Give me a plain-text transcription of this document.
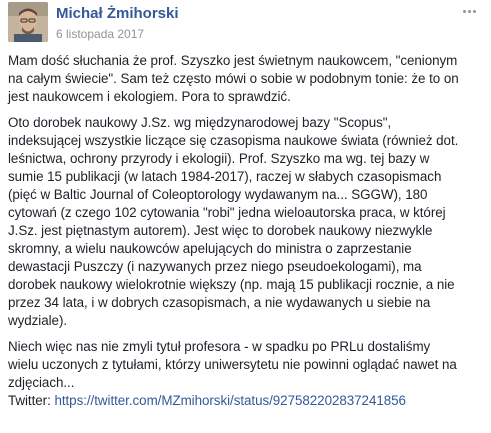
Michał Żmihorski
6 listopada 2017

Mam dość słuchania że prof. Szyszko jest świetnym naukowcem, "cenionym
na całym świecie". Sam też często mówi o sobie w podobnym tonie: że to on
jest naukowcem i ekologiem. Pora to sprawdzić.

Oto dorobek naukowy J.Sz. wg międzynarodowej bazy "Scopus",
indeksującej wszystkie liczące się czasopisma naukowe świata (również dot.
leśnictwa, ochrony przyrody i ekologii). Prof. Szyszko ma wg. tej bazy w
sumie 15 publikacji (w latach 1984-2017), raczej w słabych czasopismach
(pięć w Baltic Journal of Coleoptorology wydawanym na... SGGW), 180
cytowań (z czego 102 cytowania "robi" jedna wieloautorska praca, w której
J.Sz. jest piętnastym autorem). Jest więc to dorobek naukowy niezwykle
skromny, a wielu naukowców apelujących do ministra o zaprzestanie
dewastacji Puszczy (i nazywanych przez niego pseudoekologami), ma
dorobek naukowy wielokrotnie większy (np. mają 15 publikacji rocznie, a nie
przez 34 lata, i w dobrych czasopismach, a nie wydawanych u siebie na
wydziale).

Niech więc nas nie zmyli tytuł profesora - w spadku po PRLu dostaliśmy
wielu uczonych z tytułami, którzy uniwersytetu nie powinni oglądać nawet na
zdjęciach...
Twitter: https://twitter.com/MZmihorski/status/927582202837241856
